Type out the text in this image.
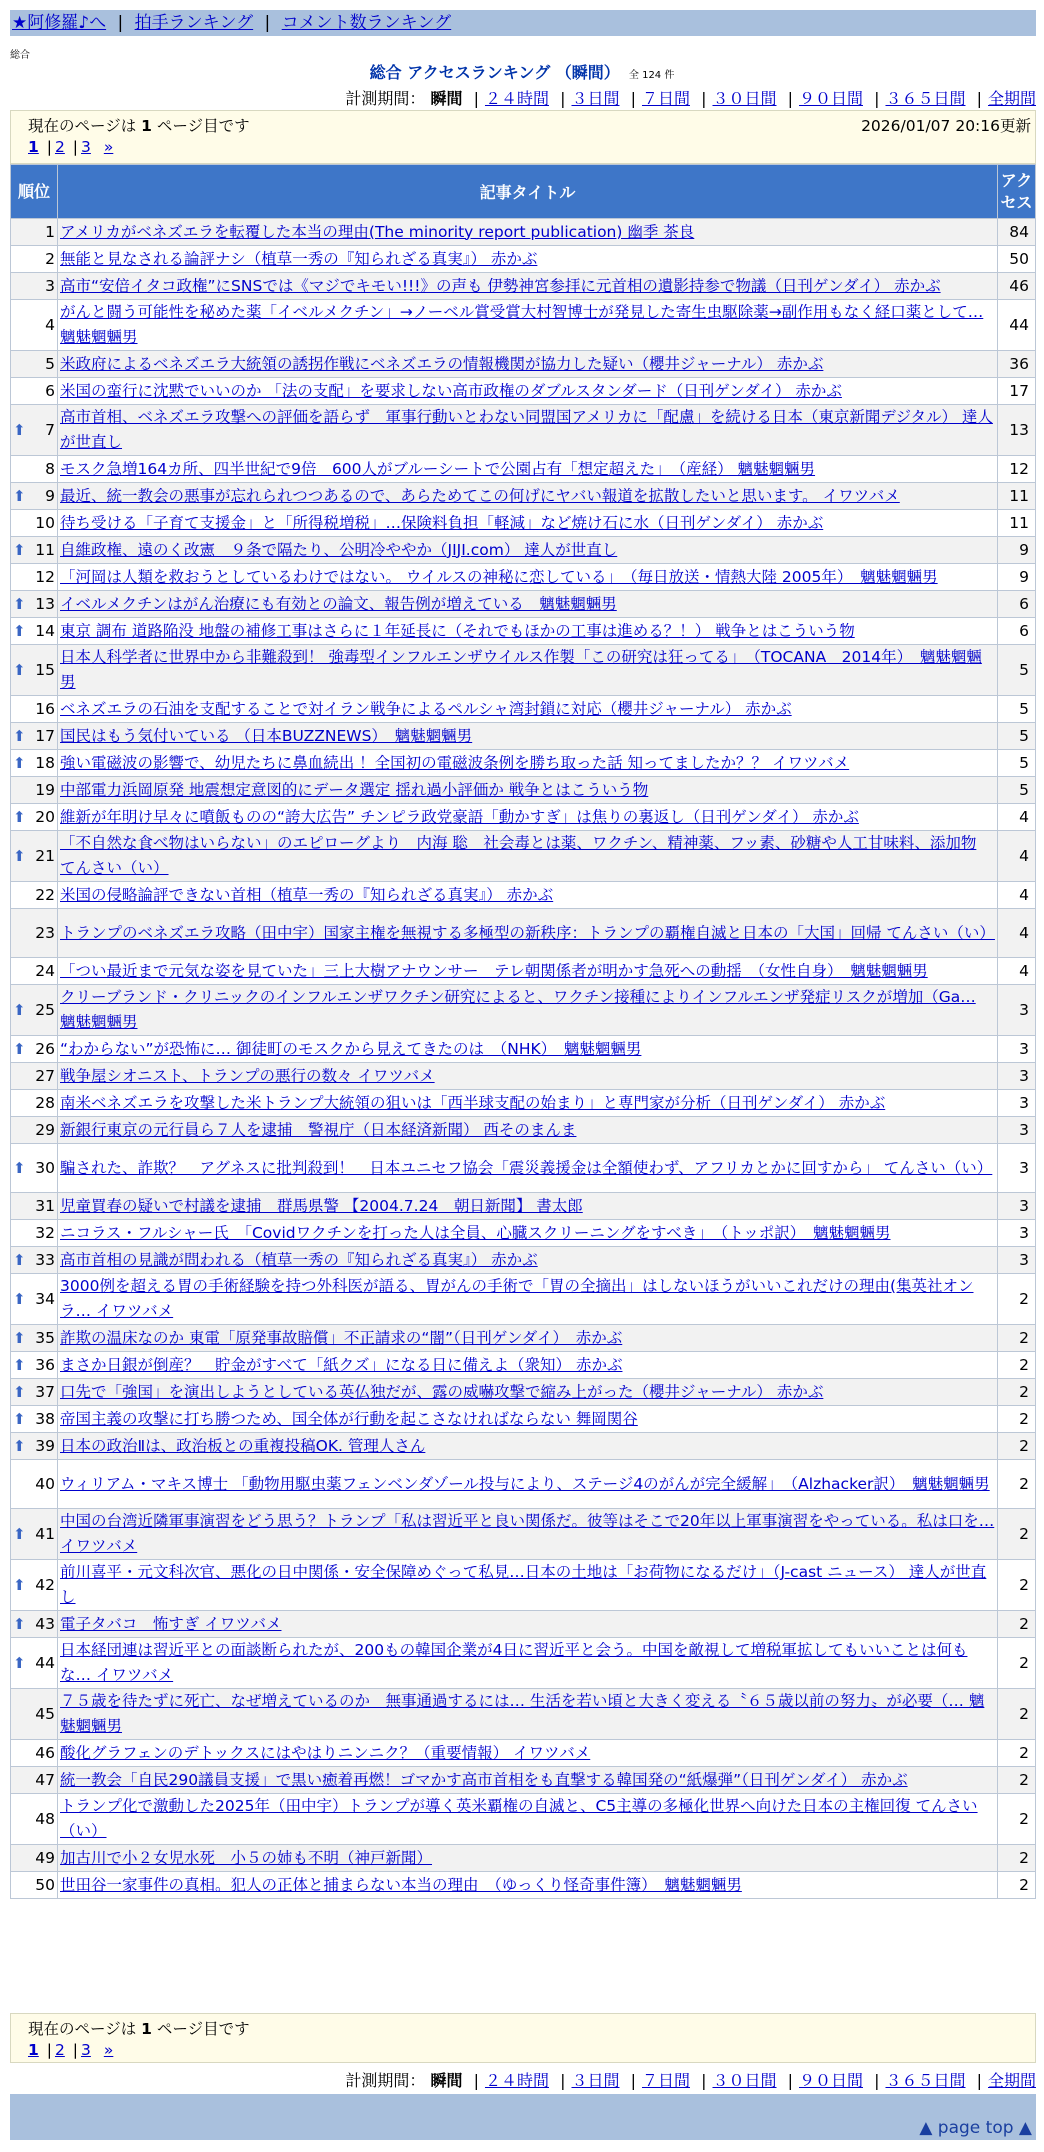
★阿修羅♪へ | 拍手ランキング | コメント数ランキング
総合
総合 アクセスランキング （瞬間） 全 124 件
計測期間： 瞬間 | ２４時間 | ３日間 | ７日間 | ３０日間 | ９０日間 | ３６５日間 | 全期間
現在のページは 1 ページ目です	2026/01/07 20:16更新
1 | 2 | 3 »
順位	記事タイトル	アクセス
1	アメリカがベネズエラを転覆した本当の理由(The minority report publication) 幽季 茶良	84
2	無能と見なされる論評ナシ（植草一秀の『知られざる真実』） 赤かぶ	50
3	高市“安倍イタコ政権”にSNSでは《マジでキモい!!!》の声も 伊勢神宮参拝に元首相の遺影持参で物議（日刊ゲンダイ） 赤かぶ	46
4	がんと闘う可能性を秘めた薬「イベルメクチン」→ノーベル賞受賞大村智博士が発見した寄生虫駆除薬→副作用もなく経口薬として… 魑魅魍魎男	44
5	米政府によるベネズエラ大統領の誘拐作戦にベネズエラの情報機関が協力した疑い（櫻井ジャーナル） 赤かぶ	36
6	米国の蛮行に沈黙でいいのか 「法の支配」を要求しない高市政権のダブルスタンダード（日刊ゲンダイ） 赤かぶ	17

⬆ 7	高市首相、ベネズエラ攻撃への評価を語らず　軍事行動いとわない同盟国アメリカに「配慮」を続ける日本（東京新聞デジタル） 達人が世直し	13
8	モスク急増164カ所、四半世紀で9倍　600人がブルーシートで公園占有「想定超えた」　（産経） 魑魅魍魎男	12

⬆ 9	最近、統一教会の悪事が忘れられつつあるので、あらためてこの何げにヤバい報道を拡散したいと思います。 イワツバメ	11
10	待ち受ける「子育て支援金」と「所得税増税」…保険料負担「軽減」など焼け石に水（日刊ゲンダイ） 赤かぶ	11

⬆ 11	自維政権、遠のく改憲　９条で隔たり、公明冷ややか（JIJI.com） 達人が世直し	9
12	「河岡は人類を救おうとしているわけではない。 ウイルスの神秘に恋している」　（毎日放送・情熱大陸 2005年）　魑魅魍魎男	9

⬆ 13	イベルメクチンはがん治療にも有効との論文、報告例が増えている　魑魅魍魎男	6

⬆ 14	東京 調布 道路陥没 地盤の補修工事はさらに１年延長に（それでもほかの工事は進める？！） 戦争とはこういう物	6

⬆ 15	日本人科学者に世界中から非難殺到！ 強毒型インフルエンザウイルス作製「この研究は狂ってる」　（TOCANA　2014年）　魑魅魍魎男	5
16	ベネズエラの石油を支配することで対イラン戦争によるペルシャ湾封鎖に対応（櫻井ジャーナル） 赤かぶ	5

⬆ 17	国民はもう気付いている （日本BUZZNEWS）　魑魅魍魎男	5

⬆ 18	強い電磁波の影響で、幼児たちに鼻血続出 ！全国初の電磁波条例を勝ち取った話 知ってましたか？？ イワツバメ	5
19	中部電力浜岡原発 地震想定意図的にデータ選定 揺れ過小評価か 戦争とはこういう物	5

⬆ 20	維新が年明け早々に噴飯ものの“誇大広告” チンピラ政党豪語「動かすぎ」は焦りの裏返し（日刊ゲンダイ） 赤かぶ	4

⬆ 21	「不自然な食べ物はいらない」のエピローグより　内海 聡　社会毒とは薬、ワクチン、精神薬、フッ素、砂糖や人工甘味料、添加物 てんさい（い）	4
22	米国の侵略論評できない首相（植草一秀の『知られざる真実』） 赤かぶ	4
23	トランプのベネズエラ攻略（田中宇）国家主権を無視する多極型の新秩序：トランプの覇権自滅と日本の「大国」回帰 てんさい（い）	4
24	「つい最近まで元気な姿を見ていた」三上大樹アナウンサー　テレ朝関係者が明かす急死への動揺　（女性自身）　魑魅魍魎男	4

⬆ 25	クリーブランド・クリニックのインフルエンザワクチン研究によると、ワクチン接種によりインフルエンザ発症リスクが増加（Ga… 魑魅魍魎男	3

⬆ 26	“わからない”が恐怖に… 御徒町のモスクから見えてきたのは　（NHK）　魑魅魍魎男	3
27	戦争屋シオニスト、トランプの悪行の数々 イワツバメ	3
28	南米ベネズエラを攻撃した米トランプ大統領の狙いは「西半球支配の始まり」と専門家が分析（日刊ゲンダイ） 赤かぶ	3
29	新銀行東京の元行員ら７人を逮捕　警視庁（日本経済新聞） 西そのまんま	3

⬆ 30	騙された、詐欺？　アグネスに批判殺到！　日本ユニセフ協会「震災義援金は全額使わず、アフリカとかに回すから」 てんさい（い）	3
31	児童買春の疑いで村議を逮捕　群馬県警 【2004.7.24　朝日新聞】 書太郎	3
32	ニコラス・フルシャー氏　「Covidワクチンを打った人は全員、心臓スクリーニングをすべき」　（トッポ訳）　魑魅魍魎男	3

⬆ 33	高市首相の見識が問われる（植草一秀の『知られざる真実』） 赤かぶ	3

⬆ 34	3000例を超える胃の手術経験を持つ外科医が語る、胃がんの手術で「胃の全摘出」はしないほうがいいこれだけの理由(集英社オンラ… イワツバメ	2

⬆ 35	詐欺の温床なのか 東電「原発事故賠償」不正請求の“闇”（日刊ゲンダイ）　赤かぶ	2

⬆ 36	まさか日銀が倒産？　貯金がすべて「紙クズ」になる日に備えよ（衆知） 赤かぶ	2

⬆ 37	口先で「強国」を演出しようとしている英仏独だが、露の威嚇攻撃で縮み上がった（櫻井ジャーナル） 赤かぶ	2

⬆ 38	帝国主義の攻撃に打ち勝つため、国全体が行動を起こさなければならない 舞岡関谷	2

⬆ 39	日本の政治Ⅱは、政治板との重複投稿OK. 管理人さん	2
40	ウィリアム・マキス博士 「動物用駆虫薬フェンベンダゾール投与により、ステージ4のがんが完全緩解」　（Alzhacker訳）　魑魅魍魎男	2

⬆ 41	中国の台湾近隣軍事演習をどう思う？トランプ「私は習近平と良い関係だ。彼等はそこで20年以上軍事演習をやっている。私は口を… イワツバメ	2

⬆ 42	前川喜平・元文科次官、悪化の日中関係・安全保障めぐって私見…日本の土地は「お荷物になるだけ」（J-cast ニュース） 達人が世直し	2

⬆ 43	電子タバコ　怖すぎ イワツバメ	2

⬆ 44	日本経団連は習近平との面談断られたが、200もの韓国企業が4日に習近平と会う。中国を敵視して増税軍拡してもいいことは何もな… イワツバメ	2
45	７５歳を待たずに死亡、なぜ増えているのか　無事通過するには… 生活を若い頃と大きく変える〝６５歳以前の努力〟が必要（… 魑魅魍魎男	2
46	酸化グラフェンのデトックスにはやはりニンニク？（重要情報） イワツバメ	2
47	統一教会「自民290議員支援」で黒い癒着再燃！ゴマかす高市首相をも直撃する韓国発の“紙爆弾”（日刊ゲンダイ） 赤かぶ	2
48	トランプ化で激動した2025年（田中宇）トランプが導く英米覇権の自滅と、C5主導の多極化世界へ向けた日本の主権回復 てんさい（い）	2
49	加古川で小２女児水死　小５の姉も不明（神戸新聞）	2
50	世田谷一家事件の真相。犯人の正体と捕まらない本当の理由　（ゆっくり怪奇事件簿）　魑魅魍魎男	2
現在のページは 1 ページ目です
1 | 2 | 3 »
計測期間： 瞬間 | ２４時間 | ３日間 | ７日間 | ３０日間 | ９０日間 | ３６５日間 | 全期間
▲ page top ▲
